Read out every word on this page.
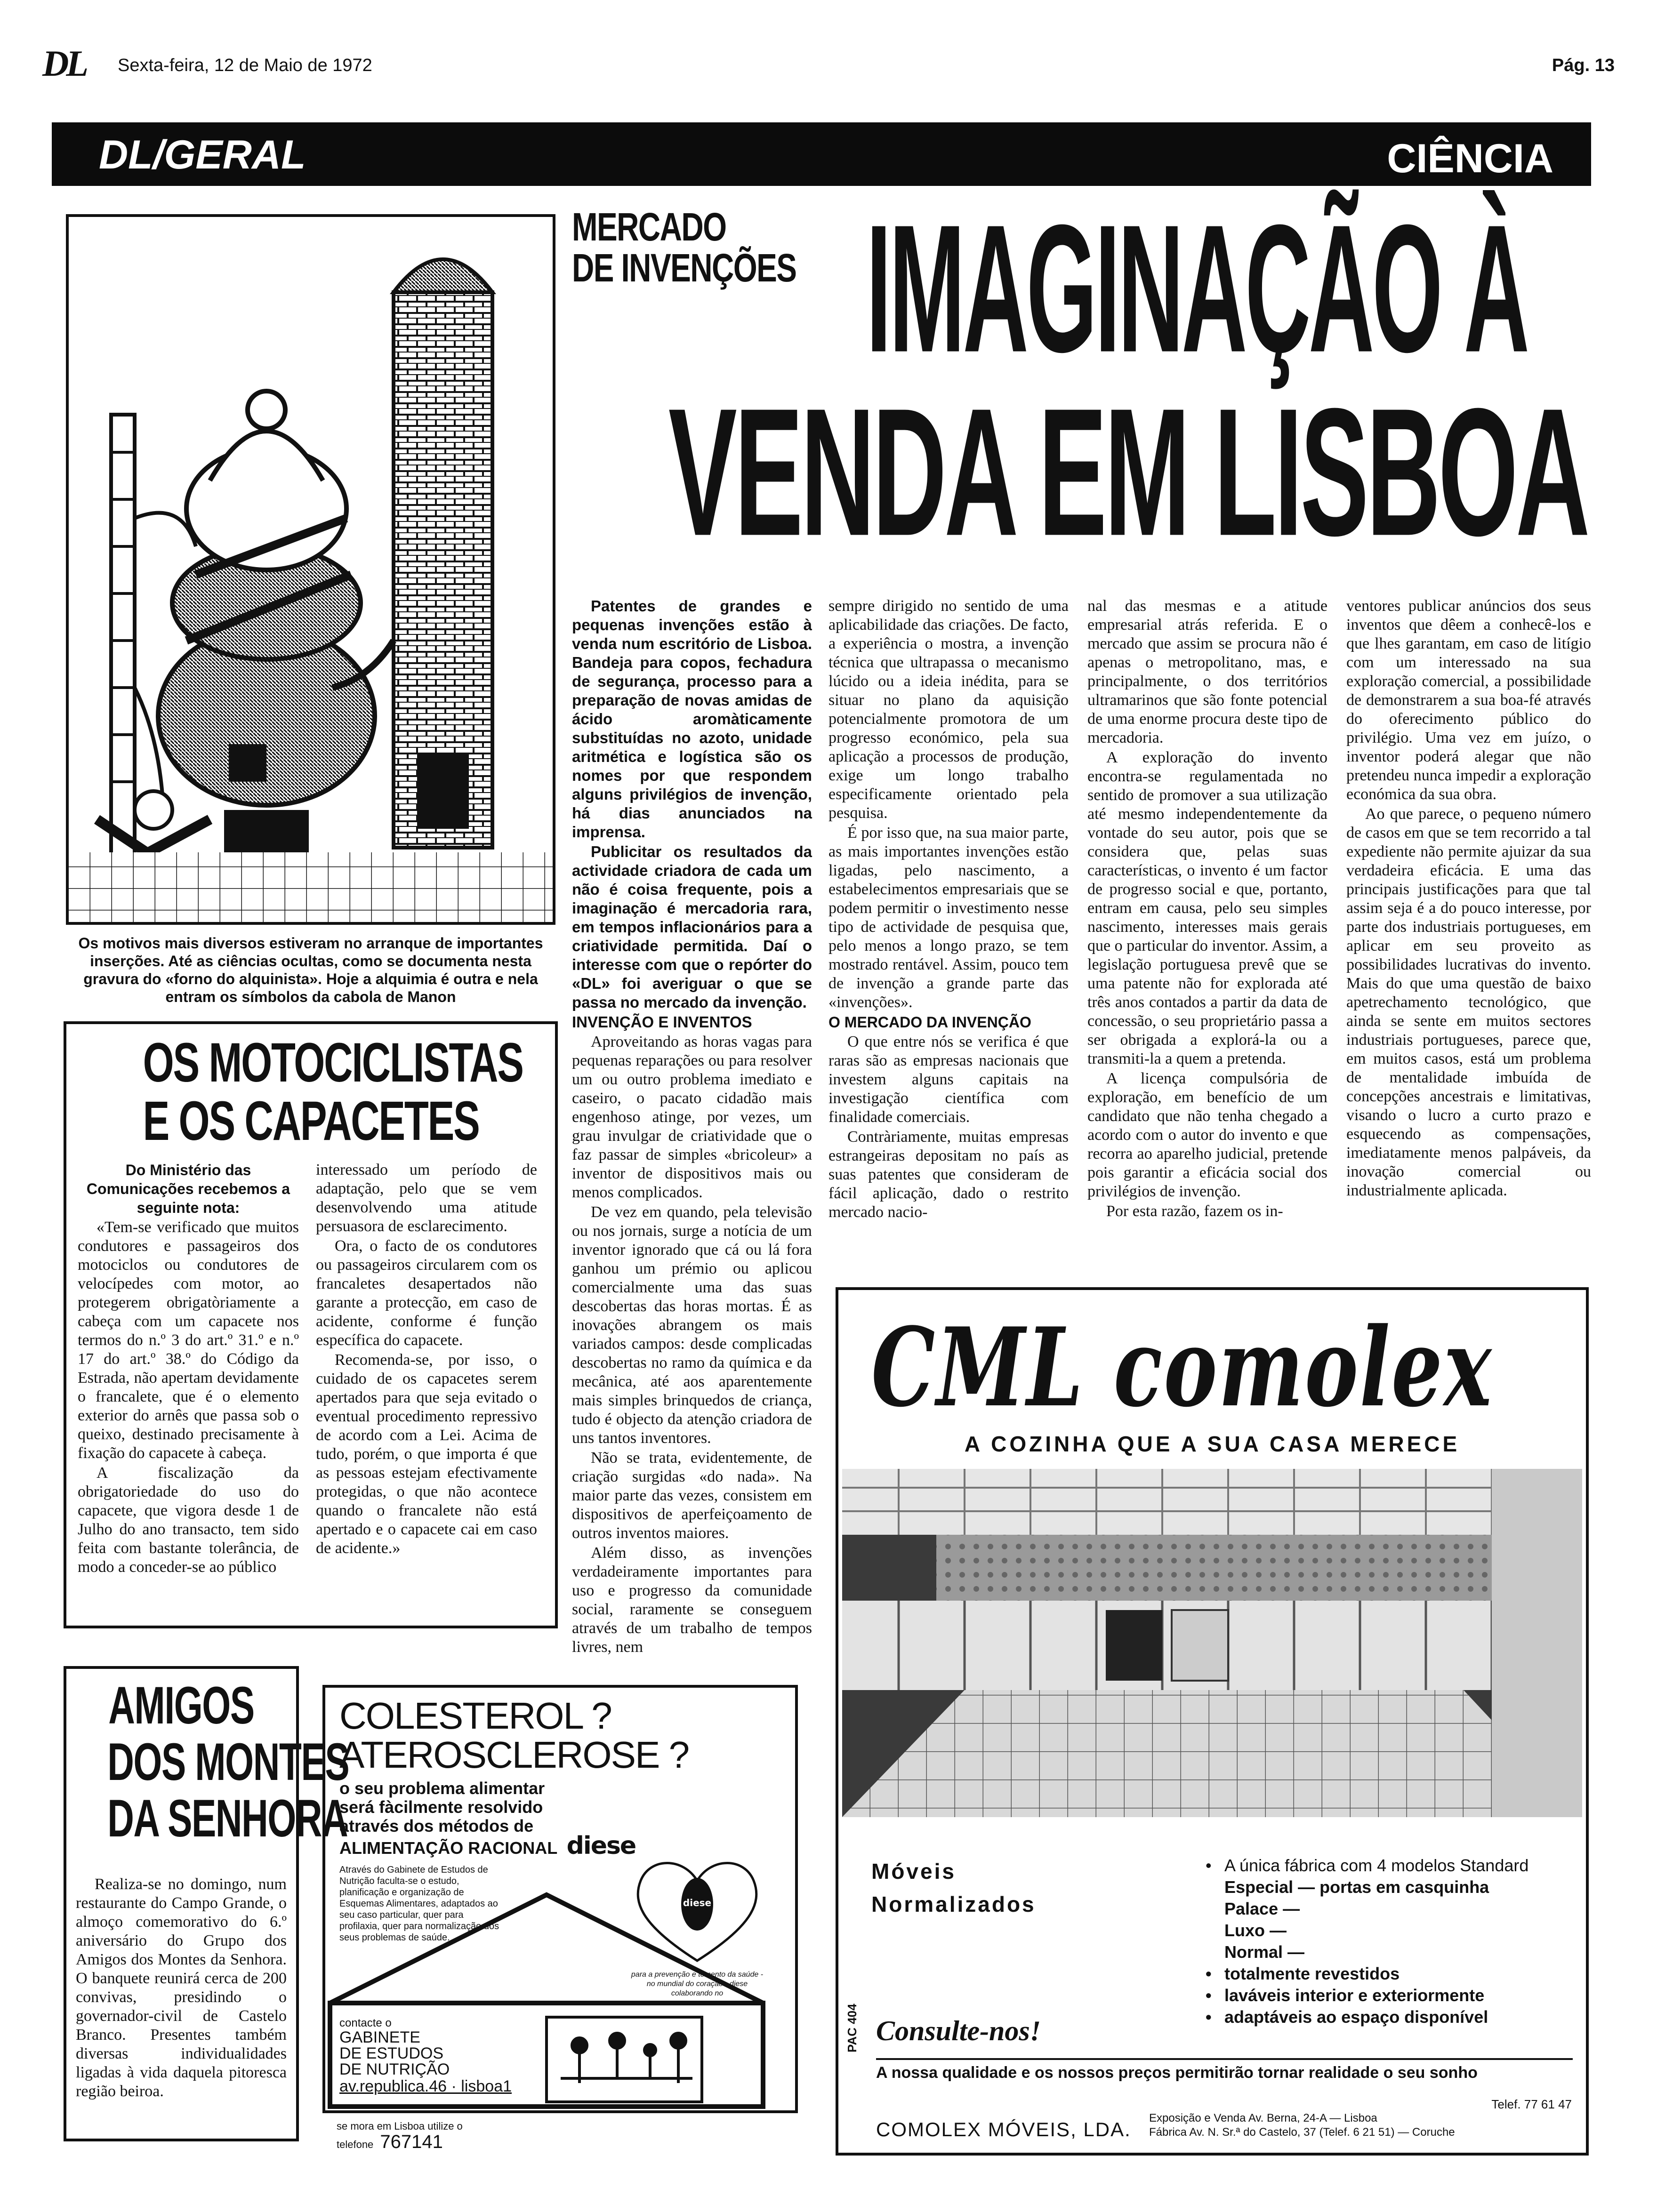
DL Sexta-feira, 12 de Maio de 1972	Pág. 13
DL/GERAL	CIÊNCIA
Os motivos mais diversos estiveram no arranque de importantes inserções. Até as ciências ocultas, como se documenta nesta gravura do «forno do alquinista». Hoje a alquimia é outra e nela entram os símbolos da cabola de Manon
MERCADO
DE INVENÇÕES IMAGINAÇÃO À
VENDA EM LISBOA

Patentes de grandes e pequenas invenções estão à venda num escritório de Lisboa. Bandeja para copos, fechadura de segurança, processo para a preparação de novas amidas de ácido aromàticamente substituídas no azoto, unidade aritmética e logística são os nomes por que respondem alguns privilégios de invenção, há dias anunciados na imprensa.

Publicitar os resultados da actividade criadora de cada um não é coisa frequente, pois a imaginação é mercadoria rara, em tempos inflacionários para a criatividade permitida. Daí o interesse com que o repórter do «DL» foi averiguar o que se passa no mercado da invenção.

INVENÇÃO E INVENTOS

Aproveitando as horas vagas para pequenas reparações ou para resolver um ou outro problema imediato e caseiro, o pacato cidadão mais engenhoso atinge, por vezes, um grau invulgar de criatividade que o faz passar de simples «bricoleur» a inventor de dispositivos mais ou menos complicados.

De vez em quando, pela televisão ou nos jornais, surge a notícia de um inventor ignorado que cá ou lá fora ganhou um prémio ou aplicou comercialmente uma das suas descobertas das horas mortas. É as inovações abrangem os mais variados campos: desde complicadas descobertas no ramo da química e da mecânica, até aos aparentemente mais simples brinquedos de criança, tudo é objecto da atenção criadora de uns tantos inventores.

Não se trata, evidentemente, de criação surgidas «do nada». Na maior parte das vezes, consistem em dispositivos de aperfeiçoamento de outros inventos maiores.

Além disso, as invenções verdadeiramente importantes para uso e progresso da comunidade social, raramente se conseguem através de um trabalho de tempos livres, nem

sempre dirigido no sentido de uma aplicabilidade das criações. De facto, a experiência o mostra, a invenção técnica que ultrapassa o mecanismo lúcido ou a ideia inédita, para se situar no plano da aquisição potencialmente promotora de um progresso económico, pela sua aplicação a processos de produção, exige um longo trabalho especificamente orientado pela pesquisa.

É por isso que, na sua maior parte, as mais importantes invenções estão ligadas, pelo nascimento, a estabelecimentos empresariais que se podem permitir o investimento nesse tipo de actividade de pesquisa que, pelo menos a longo prazo, se tem mostrado rentável. Assim, pouco tem de invenção a grande parte das «invenções».

O MERCADO DA INVENÇÃO

O que entre nós se verifica é que raras são as empresas nacionais que investem alguns capitais na investigação científica com finalidade comerciais.

Contràriamente, muitas empresas estrangeiras depositam no país as suas patentes que consideram de fácil aplicação, dado o restrito mercado nacio-

nal das mesmas e a atitude empresarial atrás referida. E o mercado que assim se procura não é apenas o metropolitano, mas, e principalmente, o dos territórios ultramarinos que são fonte potencial de uma enorme procura deste tipo de mercadoria.

A exploração do invento encontra-se regulamentada no sentido de promover a sua utilização até mesmo independentemente da vontade do seu autor, pois que se considera que, pelas suas características, o invento é um factor de progresso social e que, portanto, entram em causa, pelo seu simples nascimento, interesses mais gerais que o particular do inventor. Assim, a legislação portuguesa prevê que se uma patente não for explorada até três anos contados a partir da data de concessão, o seu proprietário passa a ser obrigada a explorá-la ou a transmiti-la a quem a pretenda.

A licença compulsória de exploração, em benefício de um candidato que não tenha chegado a acordo com o autor do invento e que recorra ao aparelho judicial, pretende pois garantir a eficácia social dos privilégios de invenção.

Por esta razão, fazem os in-

ventores publicar anúncios dos seus inventos que dêem a conhecê-los e que lhes garantam, em caso de litígio com um interessado na sua exploração comercial, a possibilidade de demonstrarem a sua boa-fé através do oferecimento público do privilégio. Uma vez em juízo, o inventor poderá alegar que não pretendeu nunca impedir a exploração económica da sua obra.

Ao que parece, o pequeno número de casos em que se tem recorrido a tal expediente não permite ajuizar da sua verdadeira eficácia. E uma das principais justificações para que tal assim seja é a do pouco interesse, por parte dos industriais portugueses, em aplicar em seu proveito as possibilidades lucrativas do invento. Mais do que uma questão de baixo apetrechamento tecnológico, que ainda se sente em muitos sectores industriais portugueses, parece que, em muitos casos, está um problema de mentalidade imbuída de concepções ancestrais e limitativas, visando o lucro a curto prazo e esquecendo as compensações, imediatamente menos palpáveis, da inovação comercial ou industrialmente aplicada.

OS MOTOCICLISTAS
E OS CAPACETES

Do Ministério das Comunicações recebemos a seguinte nota:

«Tem-se verificado que muitos condutores e passageiros dos motociclos ou condutores de velocípedes com motor, ao protegerem obrigatòriamente a cabeça com um capacete nos termos do n.º 3 do art.º 31.º e n.º 17 do art.º 38.º do Código da Estrada, não apertam devidamente o francalete, que é o elemento exterior do arnês que passa sob o queixo, destinado precisamente à fixação do capacete à cabeça.

A fiscalização da obrigatoriedade do uso do capacete, que vigora desde 1 de Julho do ano transacto, tem sido feita com bastante tolerância, de modo a conceder-se ao público

interessado um período de adaptação, pelo que se vem desenvolvendo uma atitude persuasora de esclarecimento.

Ora, o facto de os condutores ou passageiros circularem com os francaletes desapertados não garante a protecção, em caso de acidente, conforme é função específica do capacete.

Recomenda-se, por isso, o cuidado de os capacetes serem apertados para que seja evitado o eventual procedimento repressivo de acordo com a Lei. Acima de tudo, porém, o que importa é que as pessoas estejam efectivamente protegidas, o que não acontece quando o francalete não está apertado e o capacete cai em caso de acidente.»

AMIGOS
DOS MONTES
DA SENHORA

Realiza-se no domingo, num restaurante do Campo Grande, o almoço comemorativo do 6.º aniversário do Grupo dos Amigos dos Montes da Senhora. O banquete reunirá cerca de 200 convivas, presidindo o governador-civil de Castelo Branco. Presentes também diversas individualidades ligadas à vida daquela pitoresca região beiroa.

COLESTEROL ?
ATEROSCLEROSE ?
o seu problema alimentar
será fàcilmente resolvido
através dos métodos de
ALIMENTAÇÃO RACIONAL diese
Através do Gabinete de Estudos de Nutrição faculta-se o estudo, planificação e organização de Esquemas Alimentares, adaptados ao seu caso particular, quer para profilaxia, quer para normalização dos seus problemas de saúde.
diese
para a prevenção e tomento da saúde - no mundial do coração - diese colaborando no
contacte o
GABINETE
DE ESTUDOS
DE NUTRIÇÃO
av.republica.46 · lisboa1
se mora em Lisboa utilize o
telefone 767141
CML comolex
A COZINHA QUE A SUA CASA MERECE
Móveis
Normalizados
• A única fábrica com 4 modelos Standard
Especial — portas em casquinha
Palace —
Luxo —
Normal —
• totalmente revestidos
• laváveis interior e exteriormente
• adaptáveis ao espaço disponível
Consulte-nos!
PAC 404
A nossa qualidade e os nossos preços permitirão tornar realidade o seu sonho
Telef. 77 61 47
COMOLEX MÓVEIS, LDA.
Exposição e Venda Av. Berna, 24-A — Lisboa
Fábrica Av. N. Sr.ª do Castelo, 37 (Telef. 6 21 51) — Coruche
